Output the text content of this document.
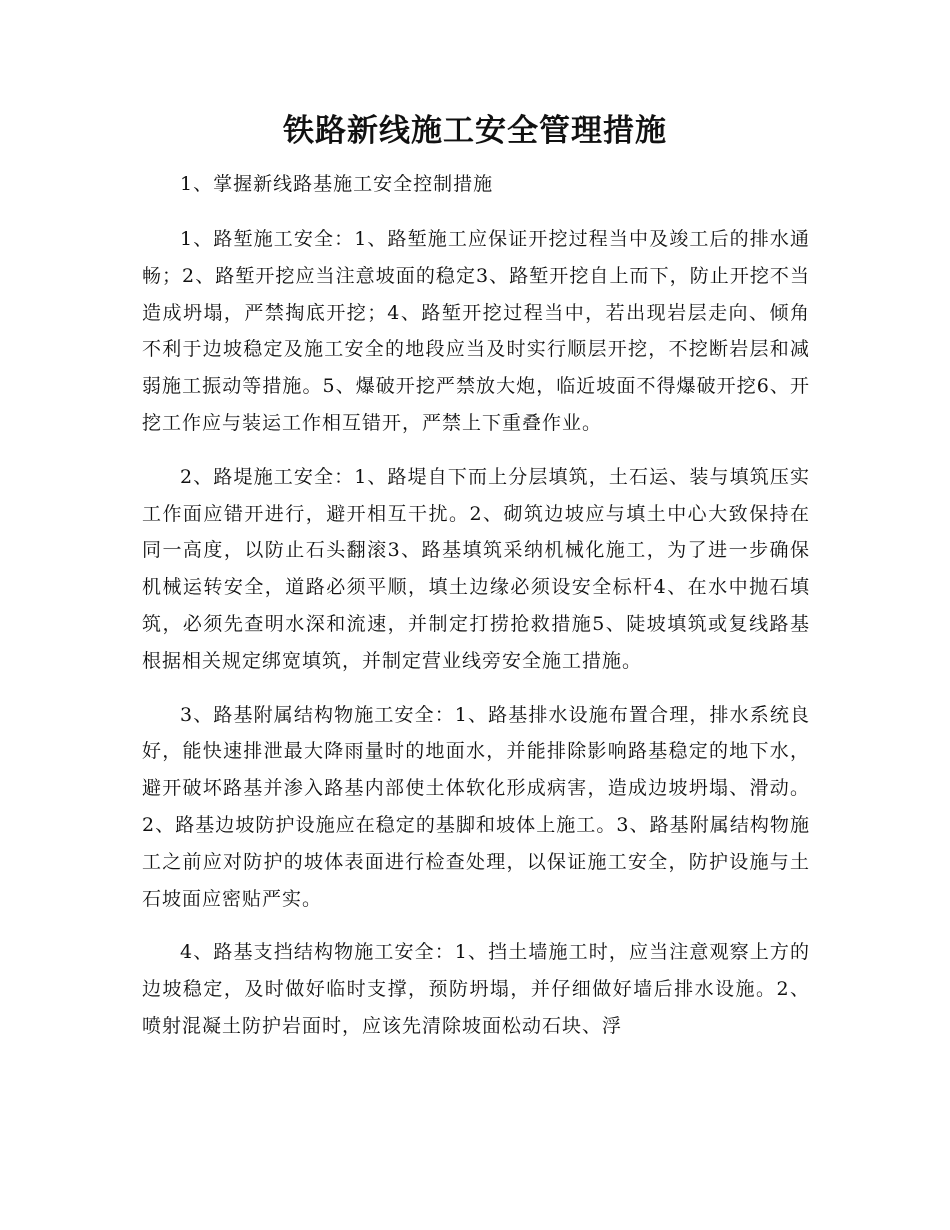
铁路新线施工安全管理措施

1、掌握新线路基施工安全控制措施

1、路堑施工安全：1、路堑施工应保证开挖过程当中及竣工后的排水通畅；2、路堑开挖应当注意坡面的稳定3、路堑开挖自上而下，防止开挖不当造成坍塌，严禁掏底开挖；4、路堑开挖过程当中，若出现岩层走向、倾角不利于边坡稳定及施工安全的地段应当及时实行顺层开挖，不挖断岩层和减弱施工振动等措施。5、爆破开挖严禁放大炮，临近坡面不得爆破开挖6、开挖工作应与装运工作相互错开，严禁上下重叠作业。

2、路堤施工安全：1、路堤自下而上分层填筑，土石运、装与填筑压实工作面应错开进行，避开相互干扰。2、砌筑边坡应与填土中心大致保持在同一高度，以防止石头翻滚3、路基填筑采纳机械化施工，为了进一步确保机械运转安全，道路必须平顺，填土边缘必须设安全标杆4、在水中抛石填筑，必须先查明水深和流速，并制定打捞抢救措施5、陡坡填筑或复线路基根据相关规定绑宽填筑，并制定营业线旁安全施工措施。

3、路基附属结构物施工安全：1、路基排水设施布置合理，排水系统良好，能快速排泄最大降雨量时的地面水，并能排除影响路基稳定的地下水，避开破坏路基并渗入路基内部使土体软化形成病害，造成边坡坍塌、滑动。2、路基边坡防护设施应在稳定的基脚和坡体上施工。3、路基附属结构物施工之前应对防护的坡体表面进行检查处理，以保证施工安全，防护设施与土石坡面应密贴严实。

4、路基支挡结构物施工安全：1、挡土墙施工时，应当注意观察上方的边坡稳定，及时做好临时支撑，预防坍塌，并仔细做好墙后排水设施。2、喷射混凝土防护岩面时，应该先清除坡面松动石块、浮
